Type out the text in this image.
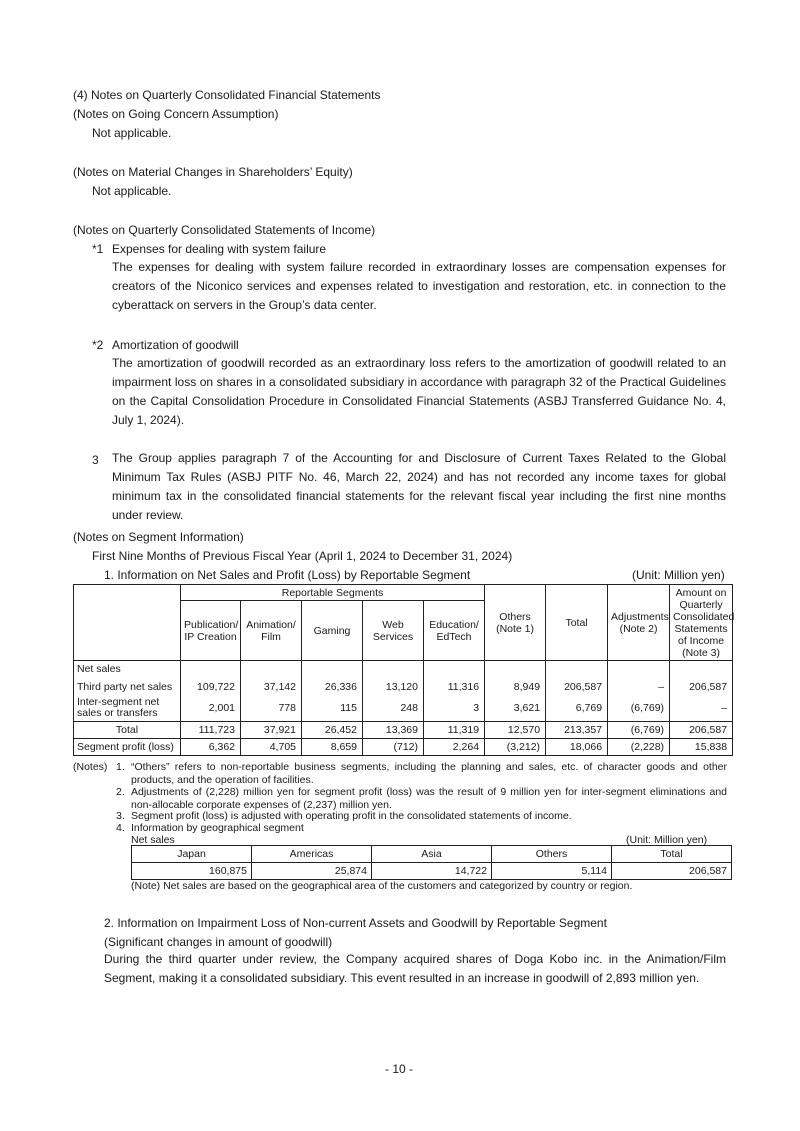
(4) Notes on Quarterly Consolidated Financial Statements
(Notes on Going Concern Assumption)
Not applicable.
(Notes on Material Changes in Shareholders’ Equity)
Not applicable.
(Notes on Quarterly Consolidated Statements of Income)
*1 Expenses for dealing with system failure
The expenses for dealing with system failure recorded in extraordinary losses are compensation expenses for creators of the Niconico services and expenses related to investigation and restoration, etc. in connection to the cyberattack on servers in the Group’s data center.
*2 Amortization of goodwill
The amortization of goodwill recorded as an extraordinary loss refers to the amortization of goodwill related to an impairment loss on shares in a consolidated subsidiary in accordance with paragraph 32 of the Practical Guidelines on the Capital Consolidation Procedure in Consolidated Financial Statements (ASBJ Transferred Guidance No. 4, July 1, 2024).
3 The Group applies paragraph 7 of the Accounting for and Disclosure of Current Taxes Related to the Global Minimum Tax Rules (ASBJ PITF No. 46, March 22, 2024) and has not recorded any income taxes for global minimum tax in the consolidated financial statements for the relevant fiscal year including the first nine months under review.
(Notes on Segment Information)
First Nine Months of Previous Fiscal Year (April 1, 2024 to December 31, 2024)
1. Information on Net Sales and Profit (Loss) by Reportable Segment	(Unit: Million yen)
	Reportable Segments					Others (Note 1)	Total	Adjustments (Note 2)	Amount on Quarterly Consolidated Statements of Income (Note 3)
	Publication/ IP Creation	Animation/ Film	Gaming	Web Services	Education/ EdTech				
Net sales									
Third party net sales	109,722	37,142	26,336	13,120	11,316	8,949	206,587	–	206,587
Inter-segment net sales or transfers	2,001	778	115	248	3	3,621	6,769	(6,769)	–
Total	111,723	37,921	26,452	13,369	11,319	12,570	213,357	(6,769)	206,587
Segment profit (loss)	6,362	4,705	8,659	(712)	2,264	(3,212)	18,066	(2,228)	15,838
(Notes) 1. “Others” refers to non-reportable business segments, including the planning and sales, etc. of character goods and other products, and the operation of facilities.
2. Adjustments of (2,228) million yen for segment profit (loss) was the result of 9 million yen for inter-segment eliminations and non-allocable corporate expenses of (2,237) million yen.
3. Segment profit (loss) is adjusted with operating profit in the consolidated statements of income.
4. Information by geographical segment
Net sales	(Unit: Million yen)
Japan	Americas	Asia	Others	Total
160,875	25,874	14,722	5,114	206,587
(Note) Net sales are based on the geographical area of the customers and categorized by country or region.
2. Information on Impairment Loss of Non-current Assets and Goodwill by Reportable Segment
(Significant changes in amount of goodwill)
During the third quarter under review, the Company acquired shares of Doga Kobo inc. in the Animation/Film Segment, making it a consolidated subsidiary. This event resulted in an increase in goodwill of 2,893 million yen.
- 10 -
